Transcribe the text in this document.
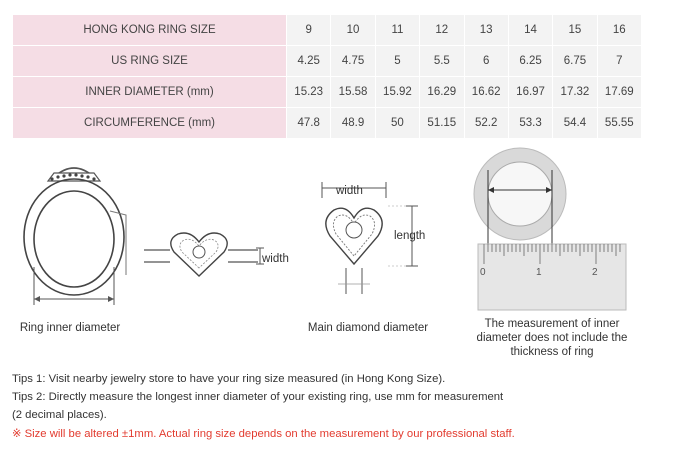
HONG KONG RING SIZE	9	10	11	12	13	14	15	16
US RING SIZE	4.25	4.75	5	5.5	6	6.25	6.75	7
INNER DIAMETER (mm)	15.23	15.58	15.92	16.29	16.62	16.97	17.32	17.69
CIRCUMFERENCE (mm)	47.8	48.9	50	51.15	52.2	53.3	54.4	55.55
Ring inner diameter
width
width
length
Main diamond diameter
0	1	2
The measurement of inner
diameter does not include the
thickness of ring
Tips 1: Visit nearby jewelry store to have your ring size measured (in Hong Kong Size).
Tips 2: Directly measure the longest inner diameter of your existing ring, use mm for measurement
(2 decimal places).
※ Size will be altered ±1mm. Actual ring size depends on the measurement by our professional staff.
